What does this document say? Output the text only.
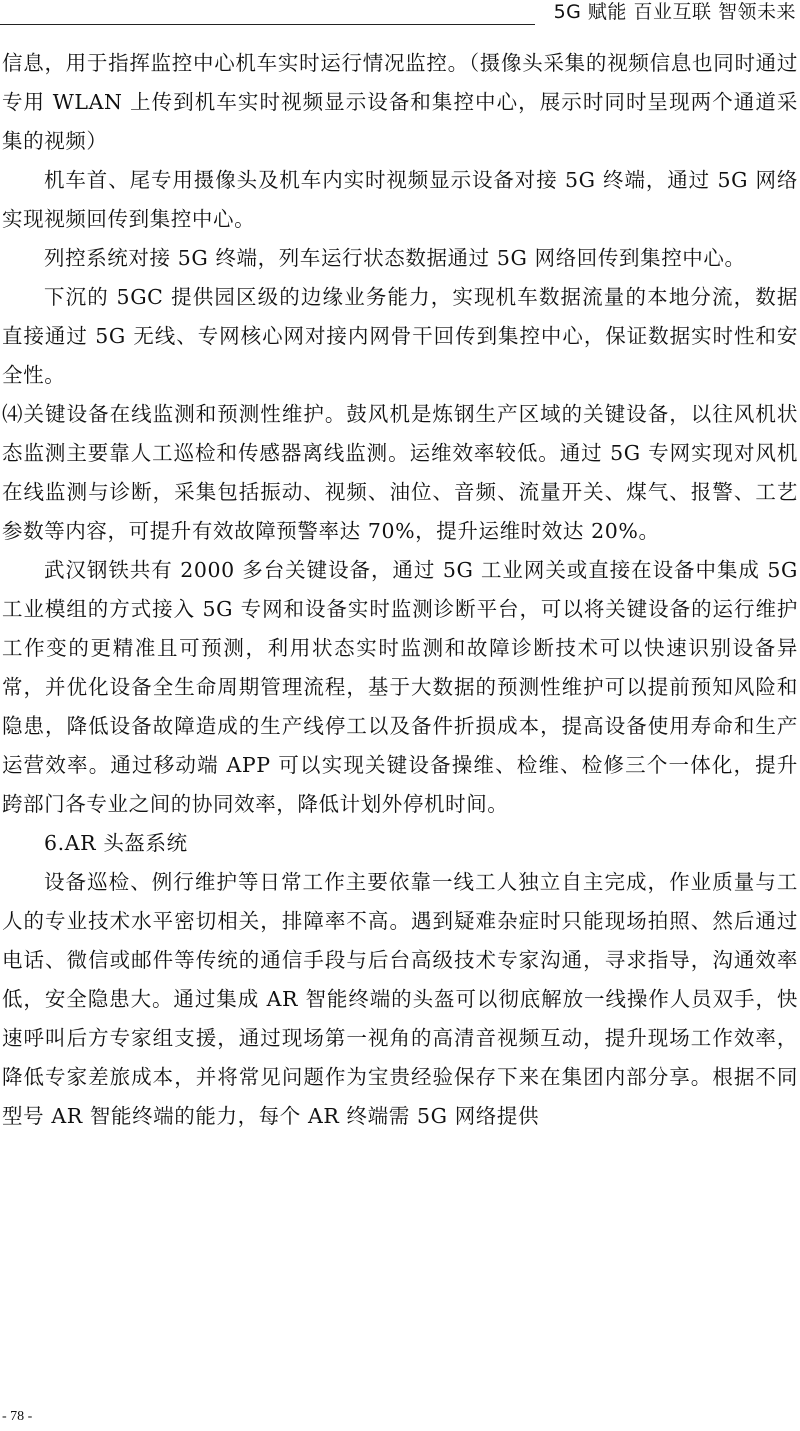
5G 赋能 百业互联 智领未来

信息，用于指挥监控中心机车实时运行情况监控。（摄像头采集的视频信息也同时通过专用 WLAN 上传到机车实时视频显示设备和集控中心，展示时同时呈现两个通道采集的视频）

机车首、尾专用摄像头及机车内实时视频显示设备对接 5G 终端，通过 5G 网络实现视频回传到集控中心。

列控系统对接 5G 终端，列车运行状态数据通过 5G 网络回传到集控中心。

下沉的 5GC 提供园区级的边缘业务能力，实现机车数据流量的本地分流，数据直接通过 5G 无线、专网核心网对接内网骨干回传到集控中心，保证数据实时性和安全性。

⑷关键设备在线监测和预测性维护。鼓风机是炼钢生产区域的关键设备，以往风机状态监测主要靠人工巡检和传感器离线监测。运维效率较低。通过 5G 专网实现对风机在线监测与诊断，采集包括振动、视频、油位、音频、流量开关、煤气、报警、工艺参数等内容，可提升有效故障预警率达 70%，提升运维时效达 20%。

武汉钢铁共有 2000 多台关键设备，通过 5G 工业网关或直接在设备中集成 5G 工业模组的方式接入 5G 专网和设备实时监测诊断平台，可以将关键设备的运行维护工作变的更精准且可预测，利用状态实时监测和故障诊断技术可以快速识别设备异常，并优化设备全生命周期管理流程，基于大数据的预测性维护可以提前预知风险和隐患，降低设备故障造成的生产线停工以及备件折损成本，提高设备使用寿命和生产运营效率。通过移动端 APP 可以实现关键设备操维、检维、检修三个一体化，提升跨部门各专业之间的协同效率，降低计划外停机时间。

6.AR 头盔系统

设备巡检、例行维护等日常工作主要依靠一线工人独立自主完成，作业质量与工人的专业技术水平密切相关，排障率不高。遇到疑难杂症时只能现场拍照、然后通过电话、微信或邮件等传统的通信手段与后台高级技术专家沟通，寻求指导，沟通效率低，安全隐患大。通过集成 AR 智能终端的头盔可以彻底解放一线操作人员双手，快速呼叫后方专家组支援，通过现场第一视角的高清音视频互动，提升现场工作效率，降低专家差旅成本，并将常见问题作为宝贵经验保存下来在集团内部分享。根据不同型号 AR 智能终端的能力，每个 AR 终端需 5G 网络提供

- 78 -
